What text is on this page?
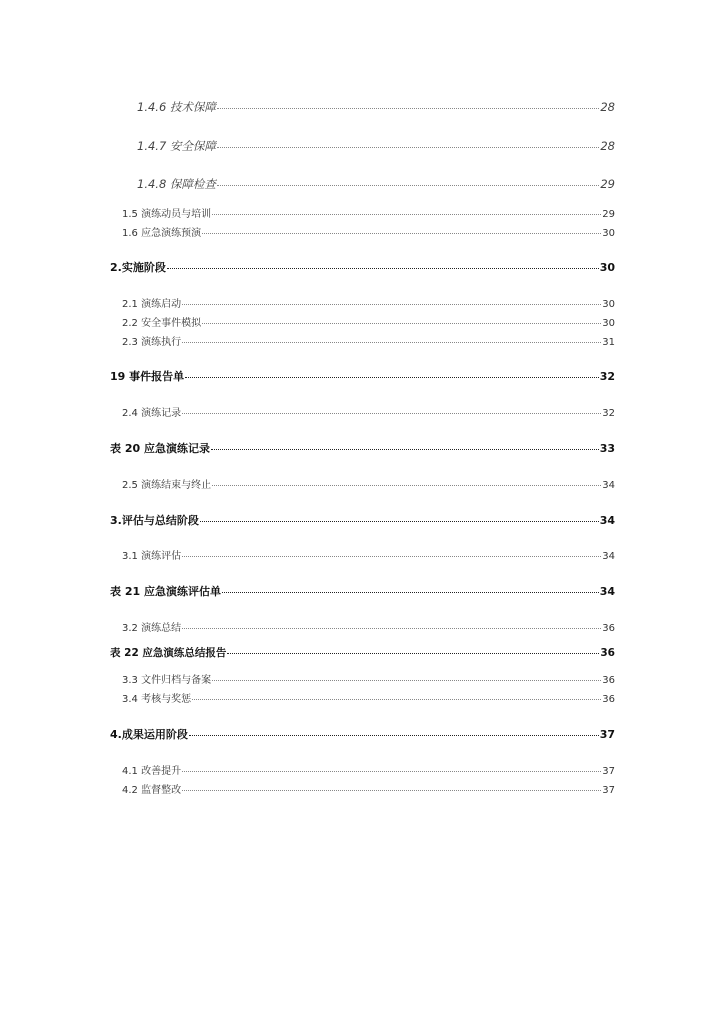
1.4.6 技术保障	28
1.4.7 安全保障	28
1.4.8 保障检查	29
1.5 演练动员与培训	29
1.6 应急演练预演	30
2.实施阶段	30
2.1 演练启动	30
2.2 安全事件模拟	30
2.3 演练执行	31
19 事件报告单	32
2.4 演练记录	32
表 20 应急演练记录	33
2.5 演练结束与终止	34
3.评估与总结阶段	34
3.1 演练评估	34
表 21 应急演练评估单	34
3.2 演练总结	36
表 22 应急演练总结报告	36
3.3 文件归档与备案	36
3.4 考核与奖惩	36
4.成果运用阶段	37
4.1 改善提升	37
4.2 监督整改	37
